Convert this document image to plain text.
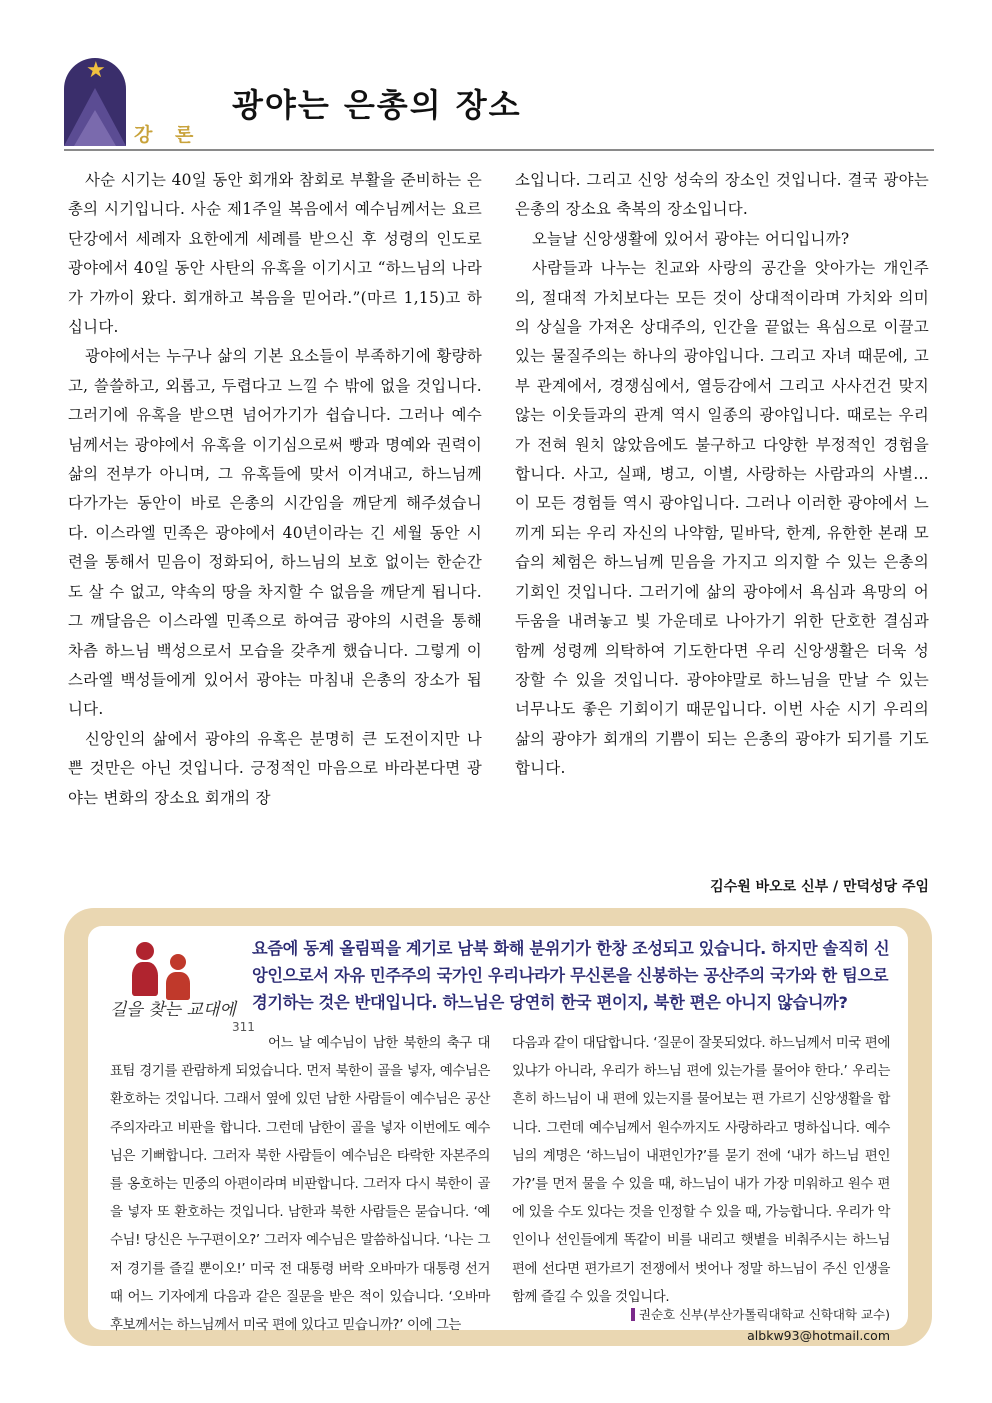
★
강 론
광야는 은총의 장소

사순 시기는 40일 동안 회개와 참회로 부활을 준비하는 은총의 시기입니다. 사순 제1주일 복음에서 예수님께서는 요르단강에서 세례자 요한에게 세례를 받으신 후 성령의 인도로 광야에서 40일 동안 사탄의 유혹을 이기시고 “하느님의 나라가 가까이 왔다. 회개하고 복음을 믿어라.”(마르 1,15)고 하십니다.

광야에서는 누구나 삶의 기본 요소들이 부족하기에 황량하고, 쓸쓸하고, 외롭고, 두렵다고 느낄 수 밖에 없을 것입니다. 그러기에 유혹을 받으면 넘어가기가 쉽습니다. 그러나 예수님께서는 광야에서 유혹을 이기심으로써 빵과 명예와 권력이 삶의 전부가 아니며, 그 유혹들에 맞서 이겨내고, 하느님께 다가가는 동안이 바로 은총의 시간임을 깨닫게 해주셨습니다. 이스라엘 민족은 광야에서 40년이라는 긴 세월 동안 시련을 통해서 믿음이 정화되어, 하느님의 보호 없이는 한순간도 살 수 없고, 약속의 땅을 차지할 수 없음을 깨닫게 됩니다. 그 깨달음은 이스라엘 민족으로 하여금 광야의 시련을 통해 차츰 하느님 백성으로서 모습을 갖추게 했습니다. 그렇게 이스라엘 백성들에게 있어서 광야는 마침내 은총의 장소가 됩니다.

신앙인의 삶에서 광야의 유혹은 분명히 큰 도전이지만 나쁜 것만은 아닌 것입니다. 긍정적인 마음으로 바라본다면 광야는 변화의 장소요 회개의 장

소입니다. 그리고 신앙 성숙의 장소인 것입니다. 결국 광야는 은총의 장소요 축복의 장소입니다.

오늘날 신앙생활에 있어서 광야는 어디입니까?

사람들과 나누는 친교와 사랑의 공간을 앗아가는 개인주의, 절대적 가치보다는 모든 것이 상대적이라며 가치와 의미의 상실을 가져온 상대주의, 인간을 끝없는 욕심으로 이끌고 있는 물질주의는 하나의 광야입니다. 그리고 자녀 때문에, 고부 관계에서, 경쟁심에서, 열등감에서 그리고 사사건건 맞지 않는 이웃들과의 관계 역시 일종의 광야입니다. 때로는 우리가 전혀 원치 않았음에도 불구하고 다양한 부정적인 경험을 합니다. 사고, 실패, 병고, 이별, 사랑하는 사람과의 사별… 이 모든 경험들 역시 광야입니다. 그러나 이러한 광야에서 느끼게 되는 우리 자신의 나약함, 밑바닥, 한계, 유한한 본래 모습의 체험은 하느님께 믿음을 가지고 의지할 수 있는 은총의 기회인 것입니다. 그러기에 삶의 광야에서 욕심과 욕망의 어두움을 내려놓고 빛 가운데로 나아가기 위한 단호한 결심과 함께 성령께 의탁하여 기도한다면 우리 신앙생활은 더욱 성장할 수 있을 것입니다. 광야야말로 하느님을 만날 수 있는 너무나도 좋은 기회이기 때문입니다. 이번 사순 시기 우리의 삶의 광야가 회개의 기쁨이 되는 은총의 광야가 되기를 기도합니다.

김수원 바오로 신부 / 만덕성당 주임
길을 찾는 교대에
311
요즘에 동계 올림픽을 계기로 남북 화해 분위기가 한창 조성되고 있습니다. 하지만 솔직히 신앙인으로서 자유 민주주의 국가인 우리나라가 무신론을 신봉하는 공산주의 국가와 한 팀으로 경기하는 것은 반대입니다. 하느님은 당연히 한국 편이지, 북한 편은 아니지 않습니까?
어느 날 예수님이 남한 북한의 축구 대표팀 경기를 관람하게 되었습니다. 먼저 북한이 골을 넣자, 예수님은 환호하는 것입니다. 그래서 옆에 있던 남한 사람들이 예수님은 공산주의자라고 비판을 합니다. 그런데 남한이 골을 넣자 이번에도 예수님은 기뻐합니다. 그러자 북한 사람들이 예수님은 타락한 자본주의를 옹호하는 민중의 아편이라며 비판합니다. 그러자 다시 북한이 골을 넣자 또 환호하는 것입니다. 남한과 북한 사람들은 묻습니다. ‘예수님! 당신은 누구편이오?’ 그러자 예수님은 말씀하십니다. ‘나는 그저 경기를 즐길 뿐이오!’ 미국 전 대통령 버락 오바마가 대통령 선거 때 어느 기자에게 다음과 같은 질문을 받은 적이 있습니다. ‘오바마 후보께서는 하느님께서 미국 편에 있다고 믿습니까?’ 이에 그는
다음과 같이 대답합니다. ‘질문이 잘못되었다. 하느님께서 미국 편에 있냐가 아니라, 우리가 하느님 편에 있는가를 물어야 한다.’ 우리는 흔히 하느님이 내 편에 있는지를 물어보는 편 가르기 신앙생활을 합니다. 그런데 예수님께서 원수까지도 사랑하라고 명하십니다. 예수님의 계명은 ‘하느님이 내편인가?’를 묻기 전에 ‘내가 하느님 편인가?’를 먼저 물을 수 있을 때, 하느님이 내가 가장 미워하고 원수 편에 있을 수도 있다는 것을 인정할 수 있을 때, 가능합니다. 우리가 악인이나 선인들에게 똑같이 비를 내리고 햇볕을 비춰주시는 하느님 편에 선다면 편가르기 전쟁에서 벗어나 정말 하느님이 주신 인생을 함께 즐길 수 있을 것입니다.
권순호 신부(부산가톨릭대학교 신학대학 교수)
albkw93@hotmail.com
